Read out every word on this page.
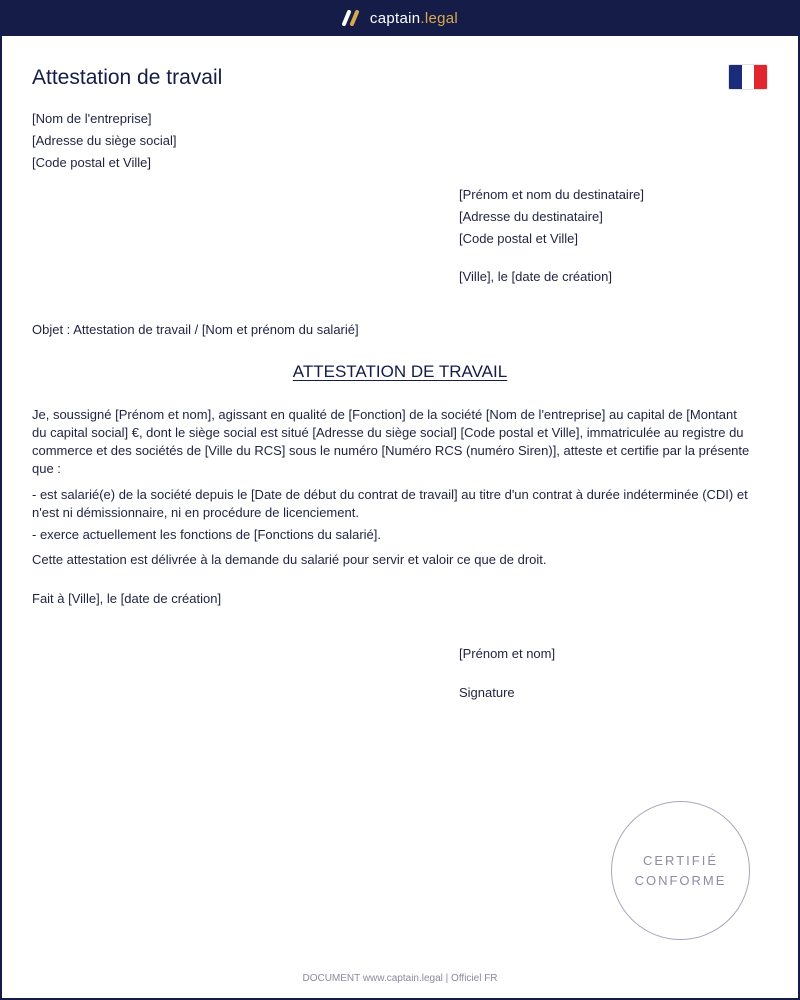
captain.legal
Attestation de travail
[Nom de l'entreprise]
[Adresse du siège social]
[Code postal et Ville]
[Prénom et nom du destinataire]
[Adresse du destinataire]
[Code postal et Ville]
[Ville], le [date de création]
Objet : Attestation de travail / [Nom et prénom du salarié]
ATTESTATION DE TRAVAIL

Je, soussigné [Prénom et nom], agissant en qualité de [Fonction] de la société [Nom de l'entreprise] au capital de [Montant du capital social] €, dont le siège social est situé [Adresse du siège social] [Code postal et Ville], immatriculée au registre du commerce et des sociétés de [Ville du RCS] sous le numéro [Numéro RCS (numéro Siren)], atteste et certifie par la présente que :

- est salarié(e) de la société depuis le [Date de début du contrat de travail] au titre d'un contrat à durée indéterminée (CDI) et n'est ni démissionnaire, ni en procédure de licenciement.

- exerce actuellement les fonctions de [Fonctions du salarié].

Cette attestation est délivrée à la demande du salarié pour servir et valoir ce que de droit.

Fait à [Ville], le [date de création]

[Prénom et nom]
Signature
CERTIFIÉ
CONFORME
DOCUMENT www.captain.legal | Officiel FR
